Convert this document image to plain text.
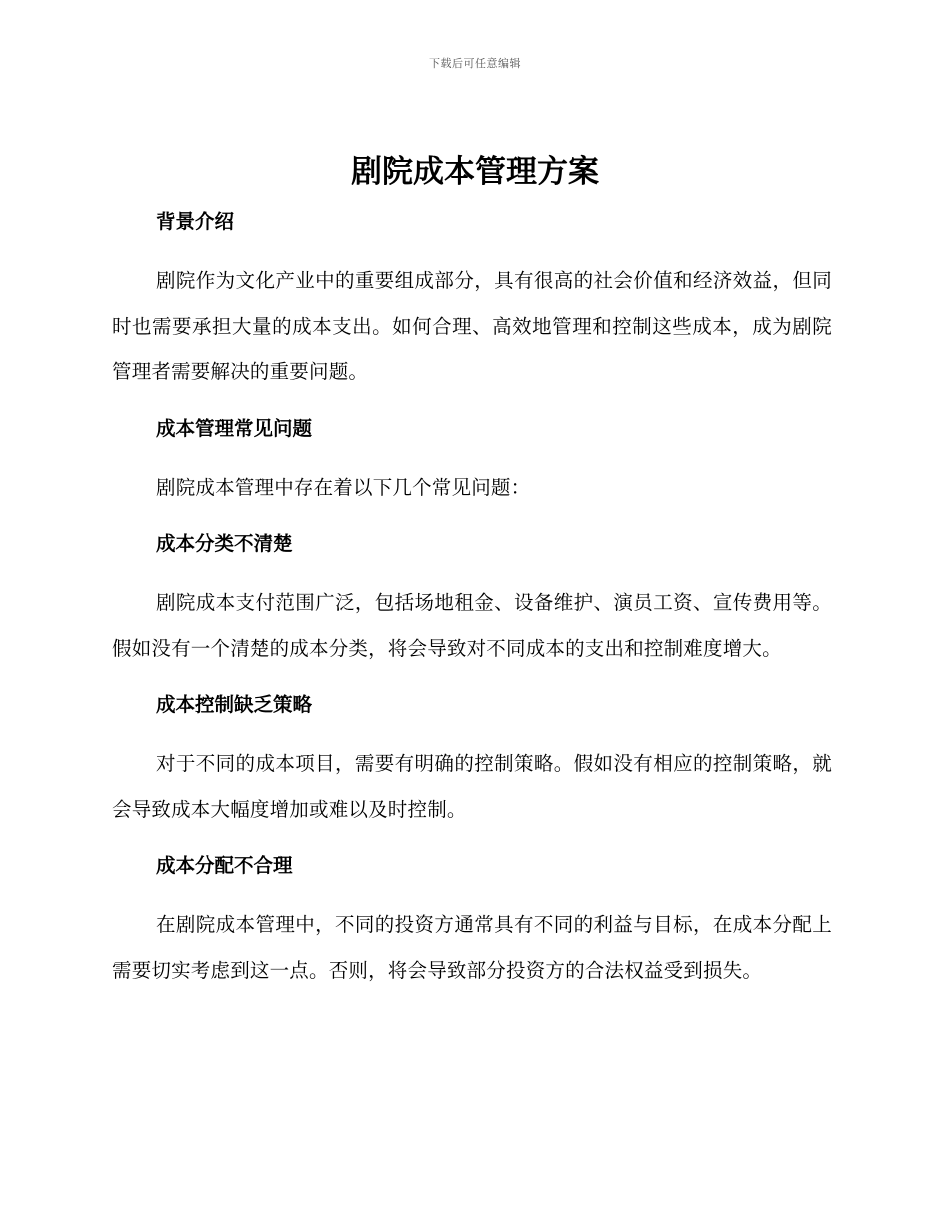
下载后可任意编辑
剧院成本管理方案
背景介绍

剧院作为文化产业中的重要组成部分，具有很高的社会价值和经济效益，但同时也需要承担大量的成本支出。如何合理、高效地管理和控制这些成本，成为剧院管理者需要解决的重要问题。

成本管理常见问题

剧院成本管理中存在着以下几个常见问题：

成本分类不清楚

剧院成本支付范围广泛，包括场地租金、设备维护、演员工资、宣传费用等。假如没有一个清楚的成本分类，将会导致对不同成本的支出和控制难度增大。

成本控制缺乏策略

对于不同的成本项目，需要有明确的控制策略。假如没有相应的控制策略，就会导致成本大幅度增加或难以及时控制。

成本分配不合理

在剧院成本管理中，不同的投资方通常具有不同的利益与目标，在成本分配上需要切实考虑到这一点。否则，将会导致部分投资方的合法权益受到损失。
